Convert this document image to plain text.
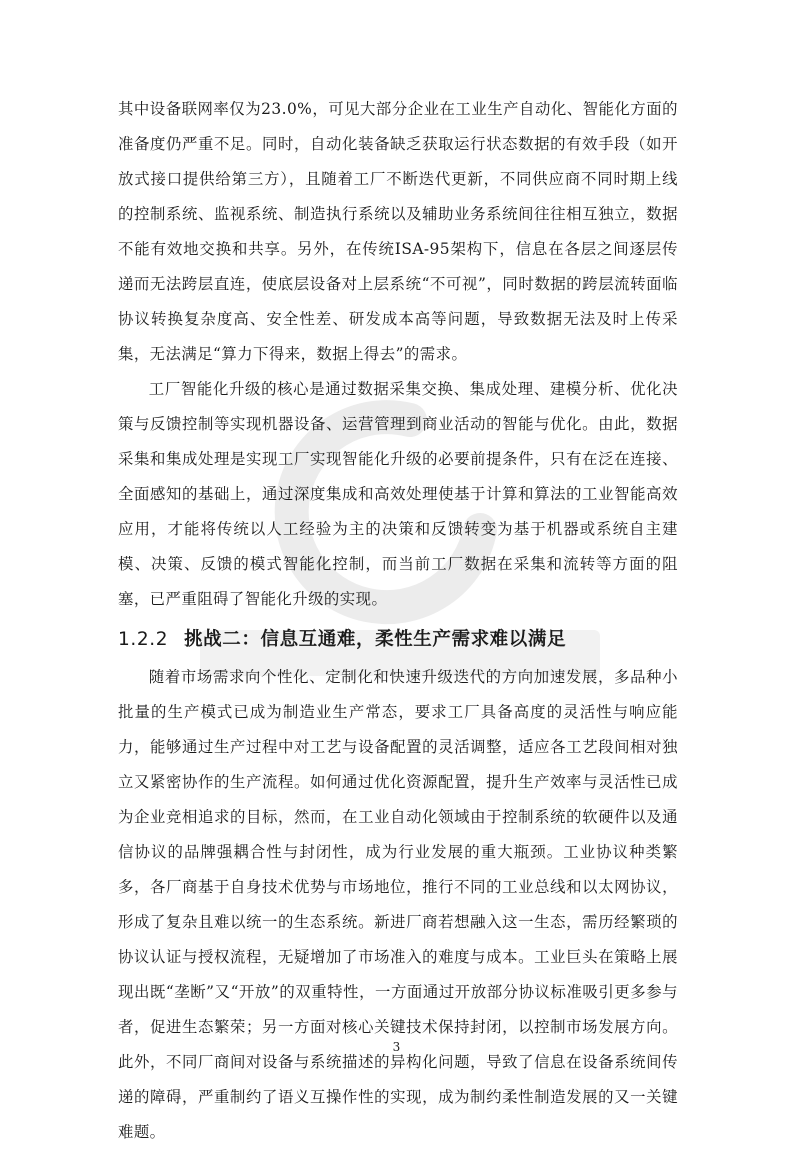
其中设备联网率仅为23.0%，可见大部分企业在工业生产自动化、智能化方面的准备度仍严重不足。同时，自动化装备缺乏获取运行状态数据的有效手段（如开放式接口提供给第三方），且随着工厂不断迭代更新，不同供应商不同时期上线的控制系统、监视系统、制造执行系统以及辅助业务系统间往往相互独立，数据不能有效地交换和共享。另外，在传统ISA-95架构下，信息在各层之间逐层传递而无法跨层直连，使底层设备对上层系统“不可视”，同时数据的跨层流转面临协议转换复杂度高、安全性差、研发成本高等问题，导致数据无法及时上传采集，无法满足“算力下得来，数据上得去”的需求。

工厂智能化升级的核心是通过数据采集交换、集成处理、建模分析、优化决策与反馈控制等实现机器设备、运营管理到商业活动的智能与优化。由此，数据采集和集成处理是实现工厂实现智能化升级的必要前提条件，只有在泛在连接、全面感知的基础上，通过深度集成和高效处理使基于计算和算法的工业智能高效应用，才能将传统以人工经验为主的决策和反馈转变为基于机器或系统自主建模、决策、反馈的模式智能化控制，而当前工厂数据在采集和流转等方面的阻塞，已严重阻碍了智能化升级的实现。

1.2.2 挑战二：信息互通难，柔性生产需求难以满足

随着市场需求向个性化、定制化和快速升级迭代的方向加速发展，多品种小批量的生产模式已成为制造业生产常态，要求工厂具备高度的灵活性与响应能力，能够通过生产过程中对工艺与设备配置的灵活调整，适应各工艺段间相对独立又紧密协作的生产流程。如何通过优化资源配置，提升生产效率与灵活性已成为企业竞相追求的目标，然而，在工业自动化领域由于控制系统的软硬件以及通信协议的品牌强耦合性与封闭性，成为行业发展的重大瓶颈。工业协议种类繁多，各厂商基于自身技术优势与市场地位，推行不同的工业总线和以太网协议，形成了复杂且难以统一的生态系统。新进厂商若想融入这一生态，需历经繁琐的协议认证与授权流程，无疑增加了市场准入的难度与成本。工业巨头在策略上展现出既“垄断”又“开放”的双重特性，一方面通过开放部分协议标准吸引更多参与者，促进生态繁荣；另一方面对核心关键技术保持封闭，以控制市场发展方向。此外，不同厂商间对设备与系统描述的异构化问题，导致了信息在设备系统间传递的障碍，严重制约了语义互操作性的实现，成为制约柔性制造发展的又一关键难题。

3
